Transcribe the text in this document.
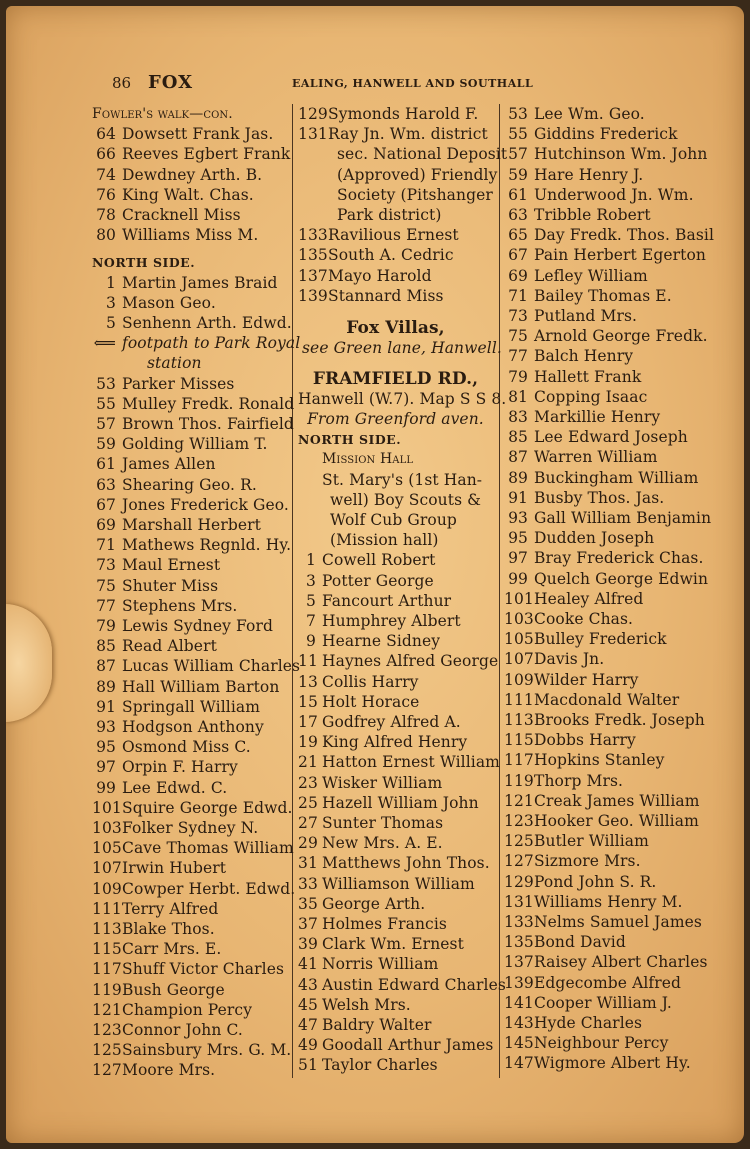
86 FOX	EALING, HANWELL AND SOUTHALL
Fowler's walk—con.
64 Dowsett Frank Jas.
66 Reeves Egbert Frank
74 Dewdney Arth. B.
76 King Walt. Chas.
78 Cracknell Miss
80 Williams Miss M.
NORTH SIDE.
1 Martin James Braid
3 Mason Geo.
5 Senhenn Arth. Edwd.
⟸ footpath to Park Royal
station
53 Parker Misses
55 Mulley Fredk. Ronald
57 Brown Thos. Fairfield
59 Golding William T.
61 James Allen
63 Shearing Geo. R.
67 Jones Frederick Geo.
69 Marshall Herbert
71 Mathews Regnld. Hy.
73 Maul Ernest
75 Shuter Miss
77 Stephens Mrs.
79 Lewis Sydney Ford
85 Read Albert
87 Lucas William Charles
89 Hall William Barton
91 Springall William
93 Hodgson Anthony
95 Osmond Miss C.
97 Orpin F. Harry
99 Lee Edwd. C.
101Squire George Edwd.
103Folker Sydney N.
105Cave Thomas William
107Irwin Hubert
109Cowper Herbt. Edwd.
111Terry Alfred
113Blake Thos.
115Carr Mrs. E.
117Shuff Victor Charles
119Bush George
121Champion Percy
123Connor John C.
125Sainsbury Mrs. G. M.
127Moore Mrs.
129Symonds Harold F.
131Ray Jn. Wm. district
sec. National Deposit
(Approved) Friendly
Society (Pitshanger
Park district)
133Ravilious Ernest
135South A. Cedric
137Mayo Harold
139Stannard Miss
Fox Villas,
see Green lane, Hanwell.
FRAMFIELD RD.,
Hanwell (W.7). Map S S 8.
From Greenford aven.
NORTH SIDE.
Mission Hall
St. Mary's (1st Han-
well) Boy Scouts &
Wolf Cub Group
(Mission hall)
1 Cowell Robert
3 Potter George
5 Fancourt Arthur
7 Humphrey Albert
9 Hearne Sidney
11 Haynes Alfred George
13 Collis Harry
15 Holt Horace
17 Godfrey Alfred A.
19 King Alfred Henry
21 Hatton Ernest William
23 Wisker William
25 Hazell William John
27 Sunter Thomas
29 New Mrs. A. E.
31 Matthews John Thos.
33 Williamson William
35 George Arth.
37 Holmes Francis
39 Clark Wm. Ernest
41 Norris William
43 Austin Edward Charles
45 Welsh Mrs.
47 Baldry Walter
49 Goodall Arthur James
51 Taylor Charles
53 Lee Wm. Geo.
55 Giddins Frederick
57 Hutchinson Wm. John
59 Hare Henry J.
61 Underwood Jn. Wm.
63 Tribble Robert
65 Day Fredk. Thos. Basil
67 Pain Herbert Egerton
69 Lefley William
71 Bailey Thomas E.
73 Putland Mrs.
75 Arnold George Fredk.
77 Balch Henry
79 Hallett Frank
81 Copping Isaac
83 Markillie Henry
85 Lee Edward Joseph
87 Warren William
89 Buckingham William
91 Busby Thos. Jas.
93 Gall William Benjamin
95 Dudden Joseph
97 Bray Frederick Chas.
99 Quelch George Edwin
101Healey Alfred
103Cooke Chas.
105Bulley Frederick
107Davis Jn.
109Wilder Harry
111Macdonald Walter
113Brooks Fredk. Joseph
115Dobbs Harry
117Hopkins Stanley
119Thorp Mrs.
121Creak James William
123Hooker Geo. William
125Butler William
127Sizmore Mrs.
129Pond John S. R.
131Williams Henry M.
133Nelms Samuel James
135Bond David
137Raisey Albert Charles
139Edgecombe Alfred
141Cooper William J.
143Hyde Charles
145Neighbour Percy
147Wigmore Albert Hy.
